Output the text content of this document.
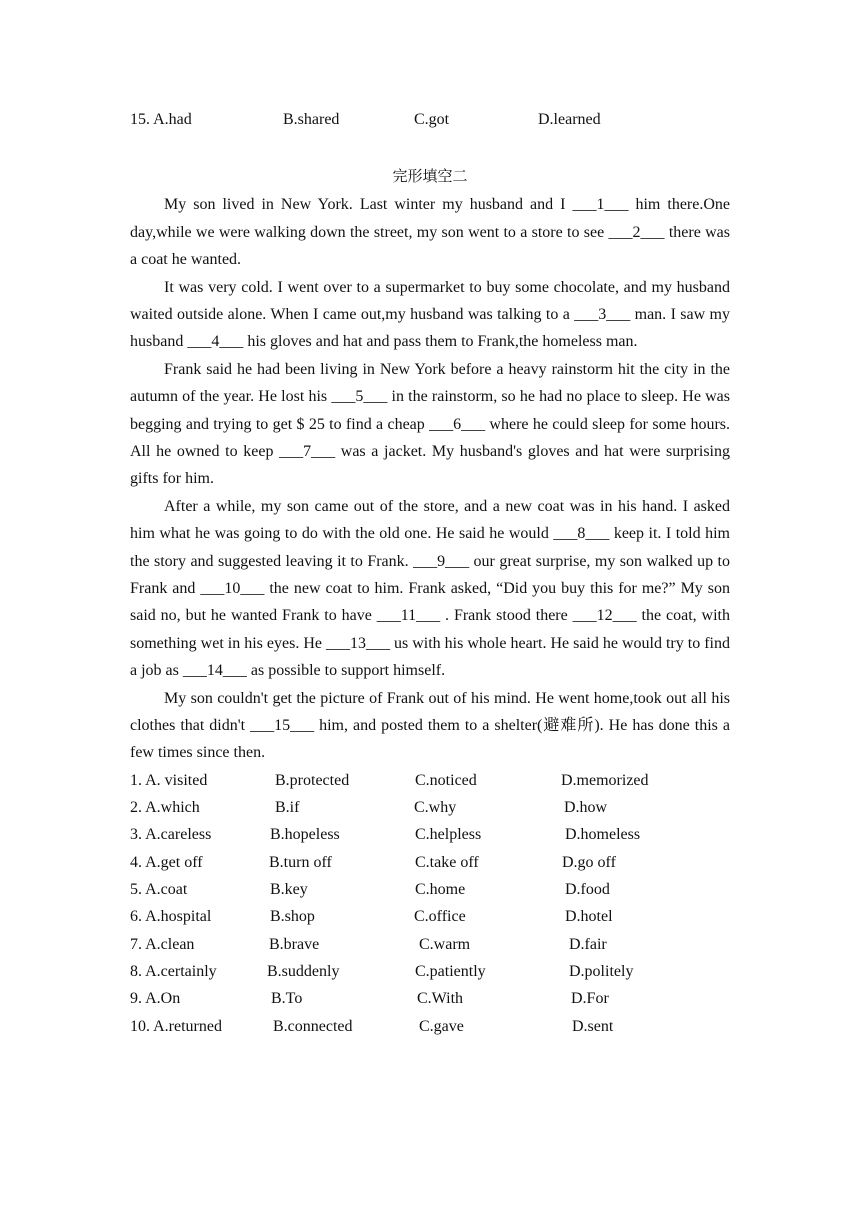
15. A.had	B.shared	C.got	D.learned
完形填空二

My son lived in New York. Last winter my husband and I ___1___ him there.One day,while we were walking down the street, my son went to a store to see ___2___ there was a coat he wanted.

It was very cold. I went over to a supermarket to buy some chocolate, and my husband waited outside alone. When I came out,my husband was talking to a ___3___ man. I saw my husband ___4___ his gloves and hat and pass them to Frank,the homeless man.

Frank said he had been living in New York before a heavy rainstorm hit the city in the autumn of the year. He lost his ___5___ in the rainstorm, so he had no place to sleep. He was begging and trying to get $ 25 to find a cheap ___6___ where he could sleep for some hours. All he owned to keep ___7___ was a jacket. My husband's gloves and hat were surprising gifts for him.

After a while, my son came out of the store, and a new coat was in his hand. I asked him what he was going to do with the old one. He said he would ___8___ keep it. I told him the story and suggested leaving it to Frank. ___9___ our great surprise, my son walked up to Frank and ___10___ the new coat to him. Frank asked, “Did you buy this for me?” My son said no, but he wanted Frank to have ___11___ . Frank stood there ___12___ the coat, with something wet in his eyes. He ___13___ us with his whole heart. He said he would try to find a job as ___14___ as possible to support himself.

My son couldn't get the picture of Frank out of his mind. He went home,took out all his clothes that didn't ___15___ him, and posted them to a shelter(避难所). He has done this a few times since then.

1. A. visited	B.protected	C.noticed	D.memorized
2. A.which	B.if	C.why	D.how
3. A.careless	B.hopeless	C.helpless	D.homeless
4. A.get off	B.turn off	C.take off	D.go off
5. A.coat	B.key	C.home	D.food
6. A.hospital	B.shop	C.office	D.hotel
7. A.clean	B.brave	C.warm	D.fair
8. A.certainly	B.suddenly	C.patiently	D.politely
9. A.On	B.To	C.With	D.For
10. A.returned	B.connected	C.gave	D.sent
